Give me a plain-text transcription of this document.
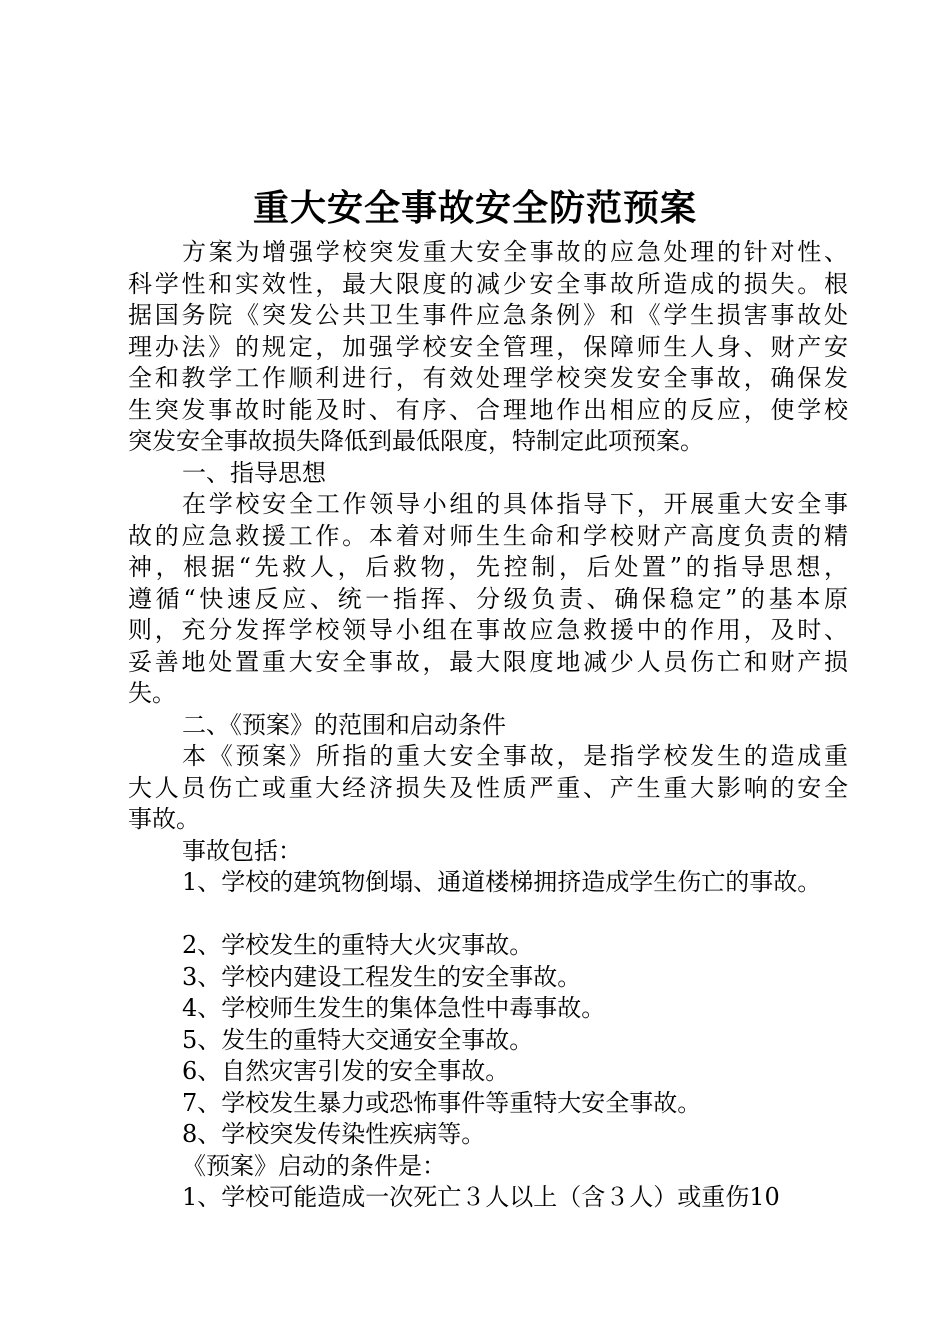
重大安全事故安全防范预案
方案为增强学校突发重大安全事故的应急处理的针对性、
科学性和实效性，最大限度的减少安全事故所造成的损失。根
据国务院《突发公共卫生事件应急条例》和《学生损害事故处
理办法》的规定，加强学校安全管理，保障师生人身、财产安
全和教学工作顺利进行，有效处理学校突发安全事故，确保发
生突发事故时能及时、有序、合理地作出相应的反应，使学校
突发安全事故损失降低到最低限度，特制定此项预案。
一、指导思想
在学校安全工作领导小组的具体指导下，开展重大安全事
故的应急救援工作。本着对师生生命和学校财产高度负责的精
神，根据“先救人，后救物，先控制，后处置”的指导思想，
遵循“快速反应、统一指挥、分级负责、确保稳定”的基本原
则，充分发挥学校领导小组在事故应急救援中的作用，及时、
妥善地处置重大安全事故，最大限度地减少人员伤亡和财产损
失。
二、《预案》的范围和启动条件
本《预案》所指的重大安全事故，是指学校发生的造成重
大人员伤亡或重大经济损失及性质严重、产生重大影响的安全
事故。
事故包括：
1、学校的建筑物倒塌、通道楼梯拥挤造成学生伤亡的事故。
2、学校发生的重特大火灾事故。
3、学校内建设工程发生的安全事故。
4、学校师生发生的集体急性中毒事故。
5、发生的重特大交通安全事故。
6、自然灾害引发的安全事故。
7、学校发生暴力或恐怖事件等重特大安全事故。
8、学校突发传染性疾病等。
《预案》启动的条件是：
1、学校可能造成一次死亡３人以上（含３人）或重伤10
